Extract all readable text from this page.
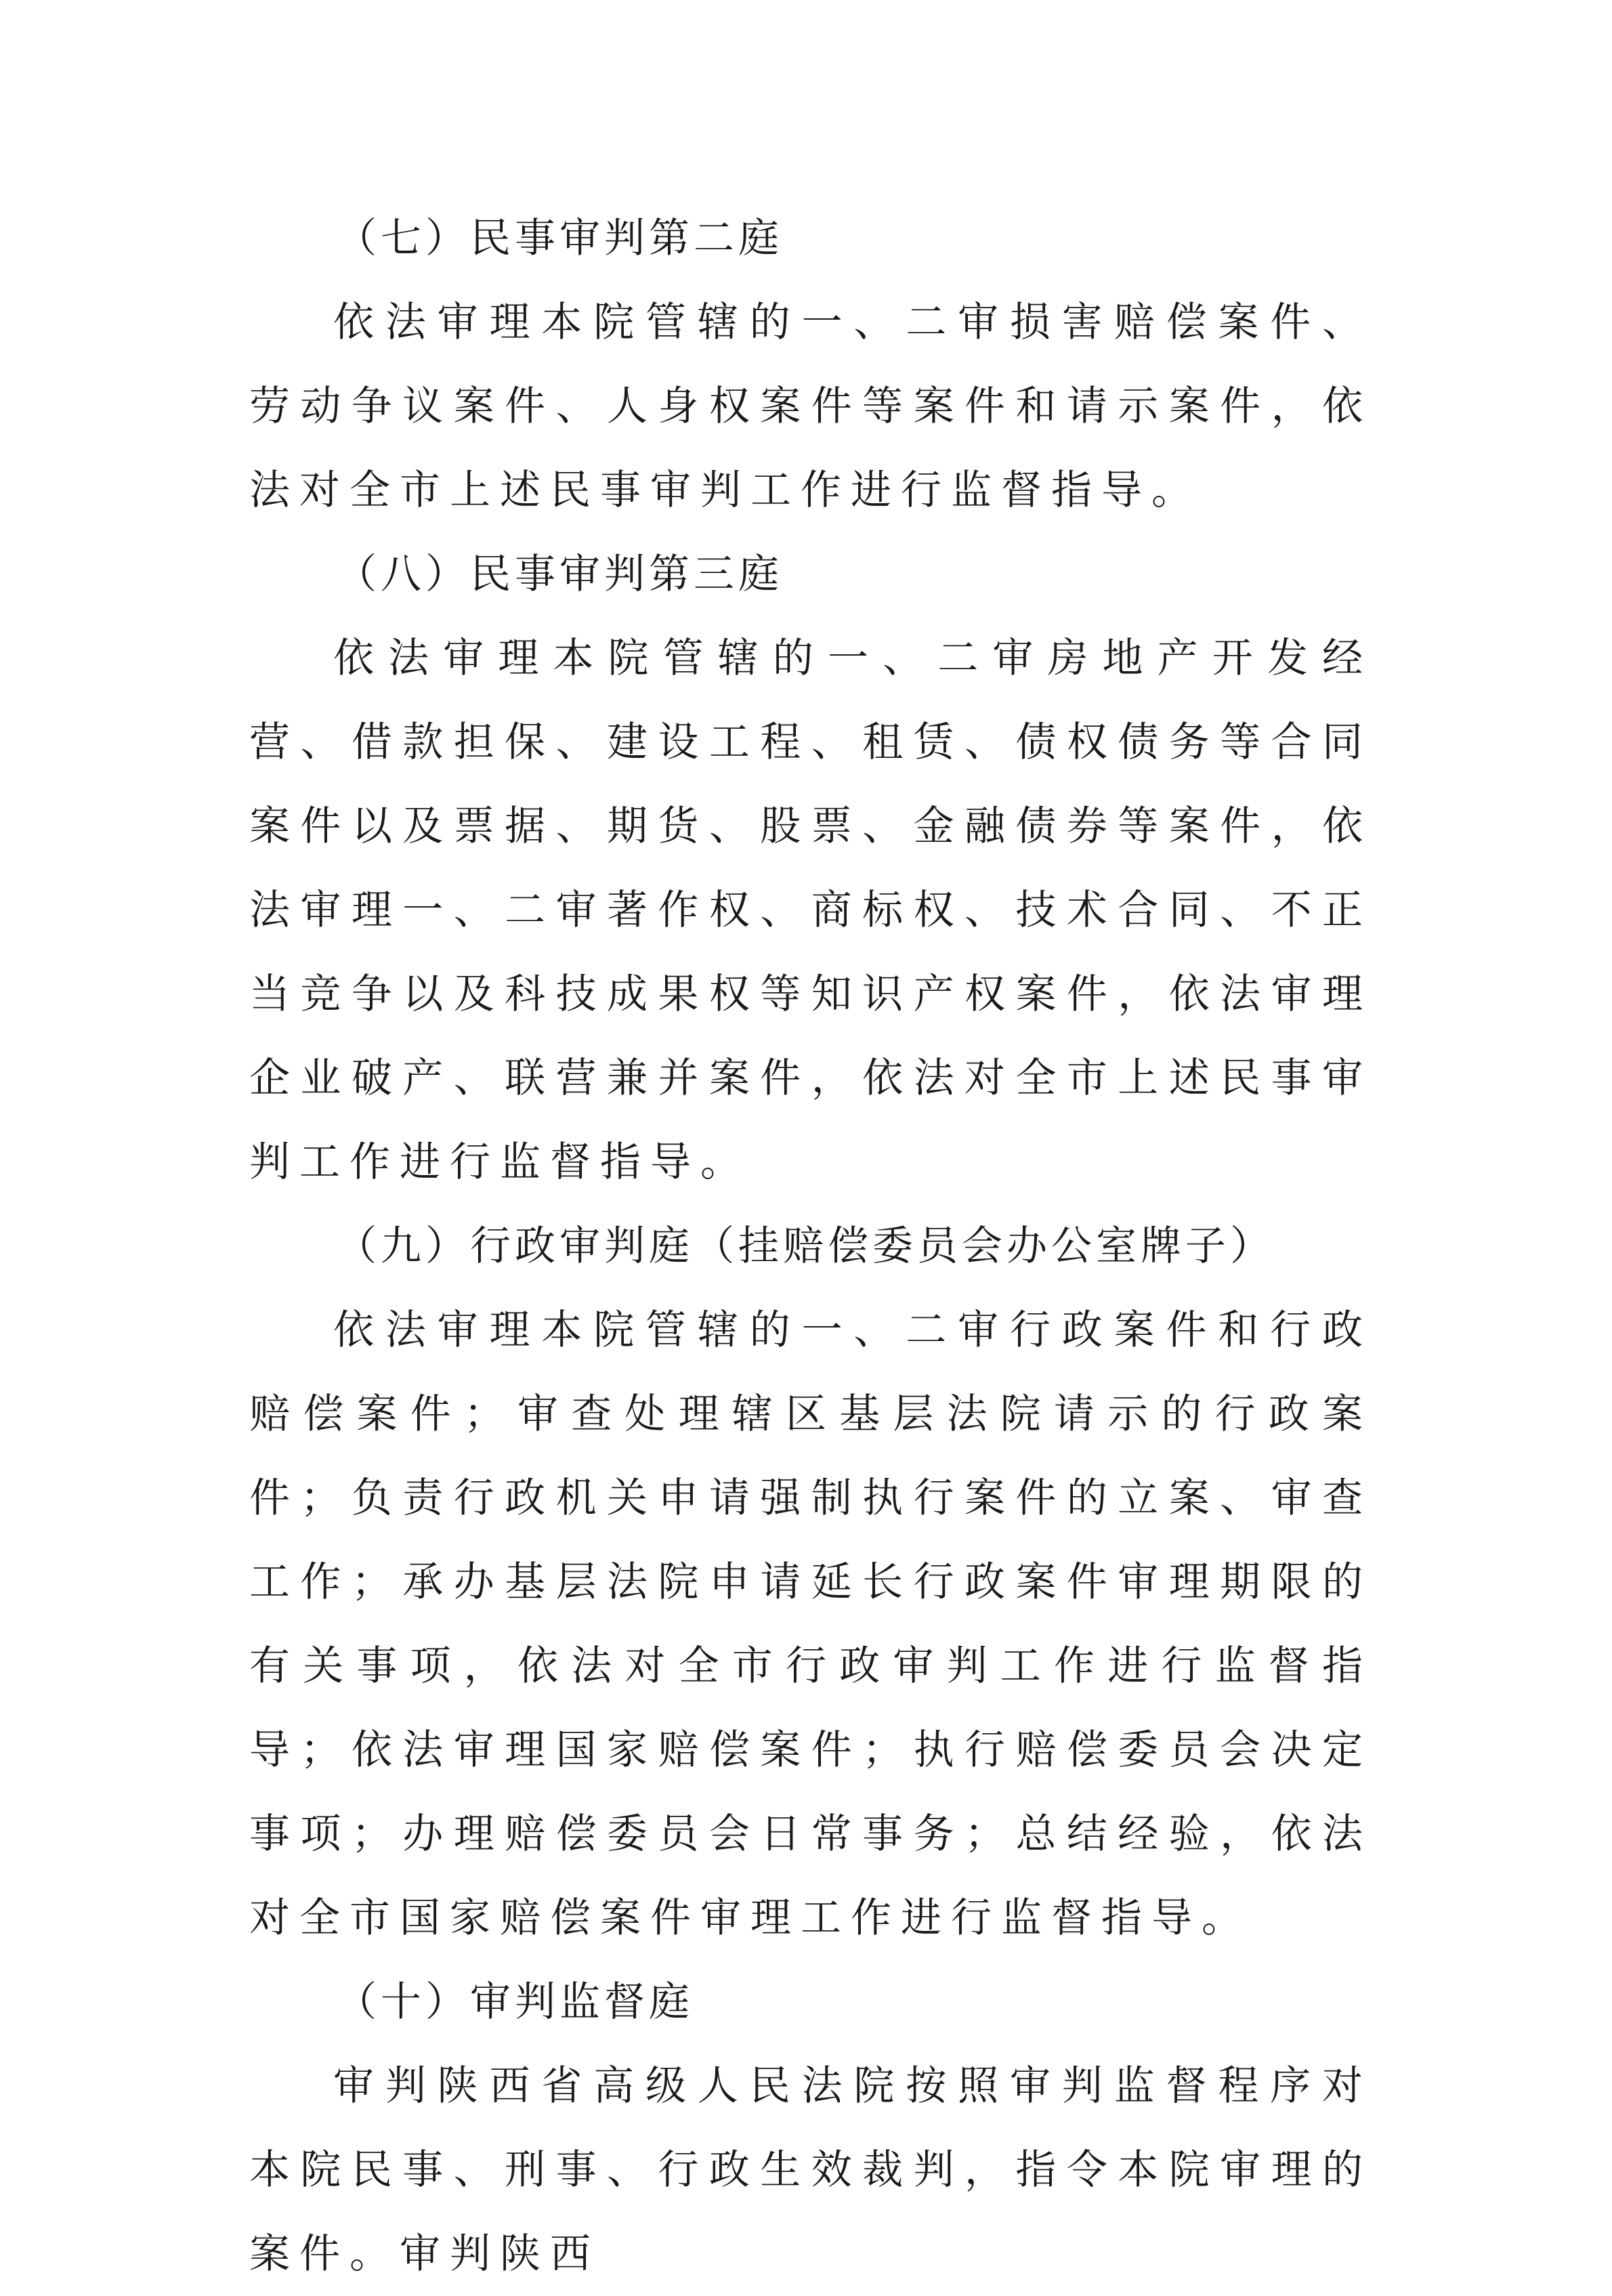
（七）民事审判第二庭

依法审理本院管辖的一、二审损害赔偿案件、劳动争议案件、人身权案件等案件和请示案件，依法对全市上述民事审判工作进行监督指导。

（八）民事审判第三庭

依法审理本院管辖的一、二审房地产开发经营、借款担保、建设工程、租赁、债权债务等合同案件以及票据、期货、股票、金融债券等案件，依法审理一、二审著作权、商标权、技术合同、不正当竞争以及科技成果权等知识产权案件，依法审理企业破产、联营兼并案件，依法对全市上述民事审判工作进行监督指导。

（九）行政审判庭（挂赔偿委员会办公室牌子）

依法审理本院管辖的一、二审行政案件和行政赔偿案件；审查处理辖区基层法院请示的行政案件；负责行政机关申请强制执行案件的立案、审查工作；承办基层法院申请延长行政案件审理期限的有关事项，依法对全市行政审判工作进行监督指导；依法审理国家赔偿案件；执行赔偿委员会决定事项；办理赔偿委员会日常事务；总结经验，依法对全市国家赔偿案件审理工作进行监督指导。

（十）审判监督庭

审判陕西省高级人民法院按照审判监督程序对本院民事、刑事、行政生效裁判，指令本院审理的案件。审判陕西
